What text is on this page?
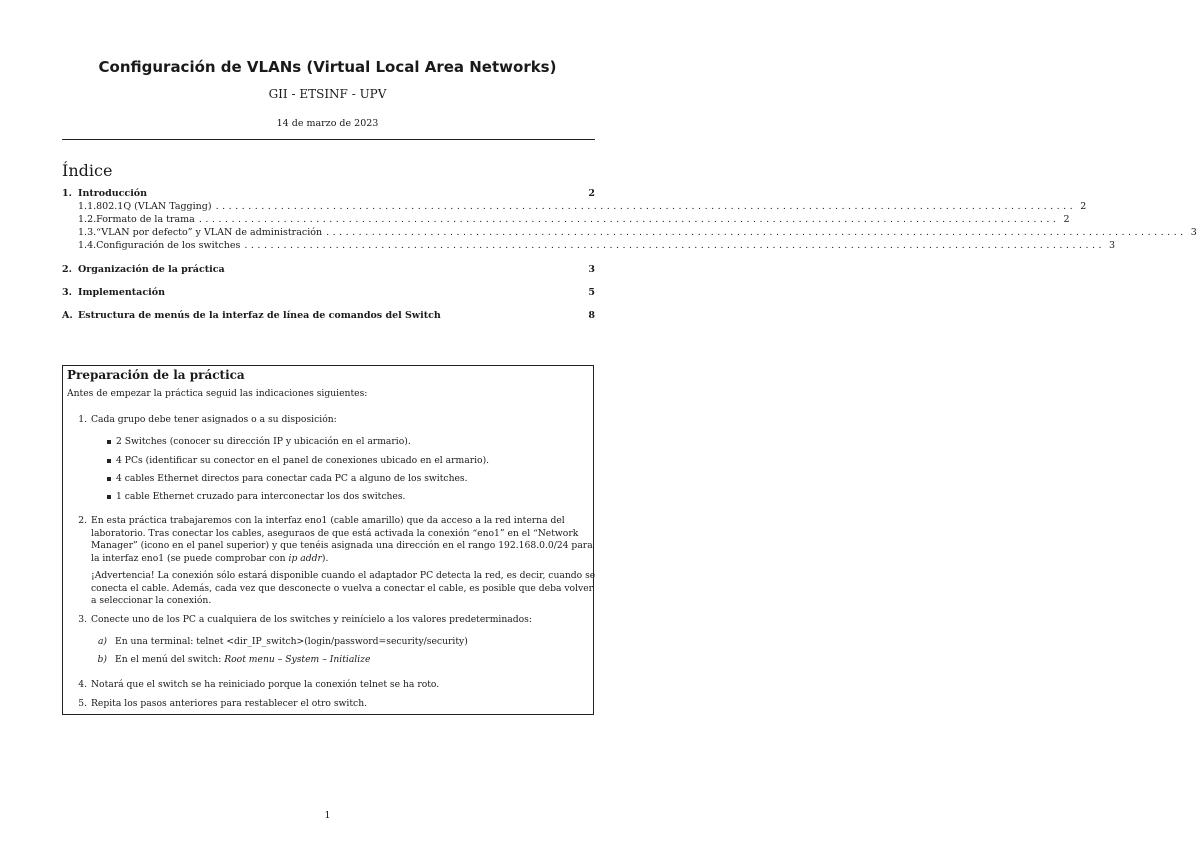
Configuración de VLANs (Virtual Local Area Networks)
GII - ETSINF - UPV
14 de marzo de 2023
Índice
1. Introducción	2
1.1. 802.1Q (VLAN Tagging) .................................................................................................................................... 2
1.2. Formato de la trama .................................................................................................................................... 2
1.3. “VLAN por defecto” y VLAN de administración .................................................................................................................................... 3
1.4. Configuración de los switches .................................................................................................................................... 3
2. Organización de la práctica	3
3. Implementación	5
A. Estructura de menús de la interfaz de línea de comandos del Switch	8
Preparación de la práctica
Antes de empezar la práctica seguid las indicaciones siguientes:
1. Cada grupo debe tener asignados o a su disposición:
2 Switches (conocer su dirección IP y ubicación en el armario).
4 PCs (identificar su conector en el panel de conexiones ubicado en el armario).
4 cables Ethernet directos para conectar cada PC a alguno de los switches.
1 cable Ethernet cruzado para interconectar los dos switches.
2. En esta práctica trabajaremos con la interfaz eno1 (cable amarillo) que da acceso a la red interna del
laboratorio. Tras conectar los cables, aseguraos de que está activada la conexión “eno1” en el “Network
Manager” (icono en el panel superior) y que tenéis asignada una dirección en el rango 192.168.0.0/24 para
la interfaz eno1 (se puede comprobar con ip addr).
¡Advertencia! La conexión sólo estará disponible cuando el adaptador PC detecta la red, es decir, cuando se
conecta el cable. Además, cada vez que desconecte o vuelva a conectar el cable, es posible que deba volver
a seleccionar la conexión.
3. Conecte uno de los PC a cualquiera de los switches y reinícielo a los valores predeterminados:
a) En una terminal: telnet <dir_IP_switch>(login/password=security/security)
b) En el menú del switch: Root menu – System – Initialize
4. Notará que el switch se ha reiniciado porque la conexión telnet se ha roto.
5. Repita los pasos anteriores para restablecer el otro switch.
1
